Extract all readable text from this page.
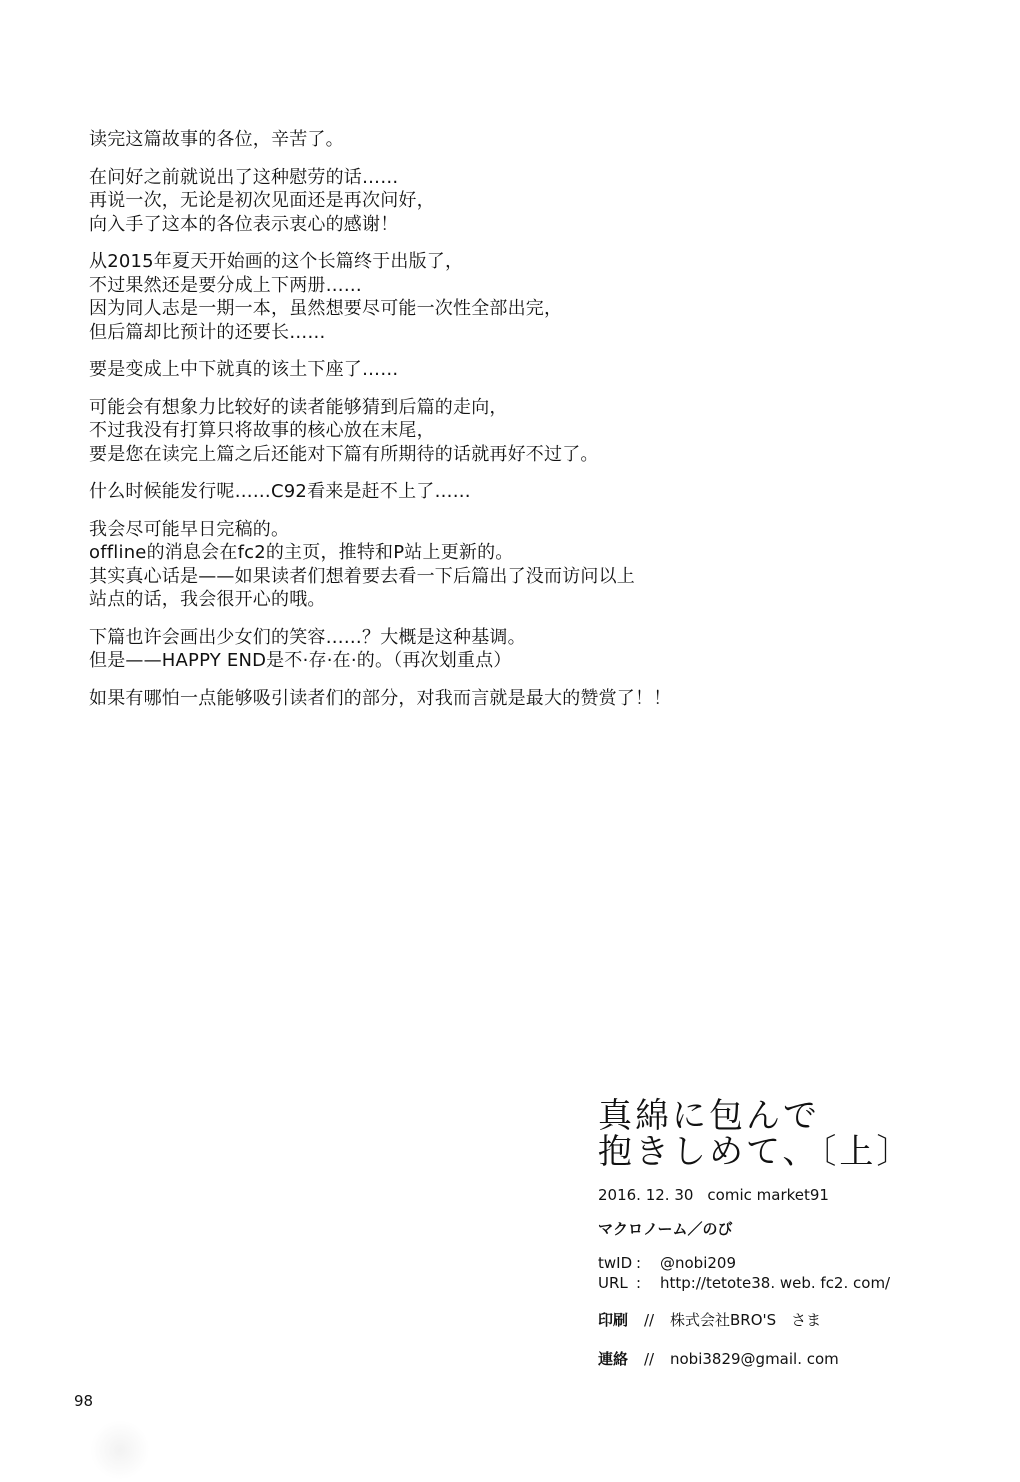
读完这篇故事的各位，辛苦了。
在问好之前就说出了这种慰劳的话……
再说一次，无论是初次见面还是再次问好，
向入手了这本的各位表示衷心的感谢！
从2015年夏天开始画的这个长篇终于出版了，
不过果然还是要分成上下两册……
因为同人志是一期一本，虽然想要尽可能一次性全部出完，
但后篇却比预计的还要长……
要是变成上中下就真的该土下座了……
可能会有想象力比较好的读者能够猜到后篇的走向，
不过我没有打算只将故事的核心放在末尾，
要是您在读完上篇之后还能对下篇有所期待的话就再好不过了。
什么时候能发行呢……C92看来是赶不上了……
我会尽可能早日完稿的。
offline的消息会在fc2的主页，推特和P站上更新的。
其实真心话是——如果读者们想着要去看一下后篇出了没而访问以上
站点的话，我会很开心的哦。
下篇也许会画出少女们的笑容……？大概是这种基调。
但是——HAPPY END是不·存·在·的。（再次划重点）
如果有哪怕一点能够吸引读者们的部分，对我而言就是最大的赞赏了！！
真綿に包んで
抱きしめて、〔上〕
2016. 12. 30 comic market91
マクロノーム／のび
twID : @nobi209
URL : http://tetote38. web. fc2. com/
印刷 // 株式会社BRO'S　さま
連絡 // nobi3829@gmail. com
98
